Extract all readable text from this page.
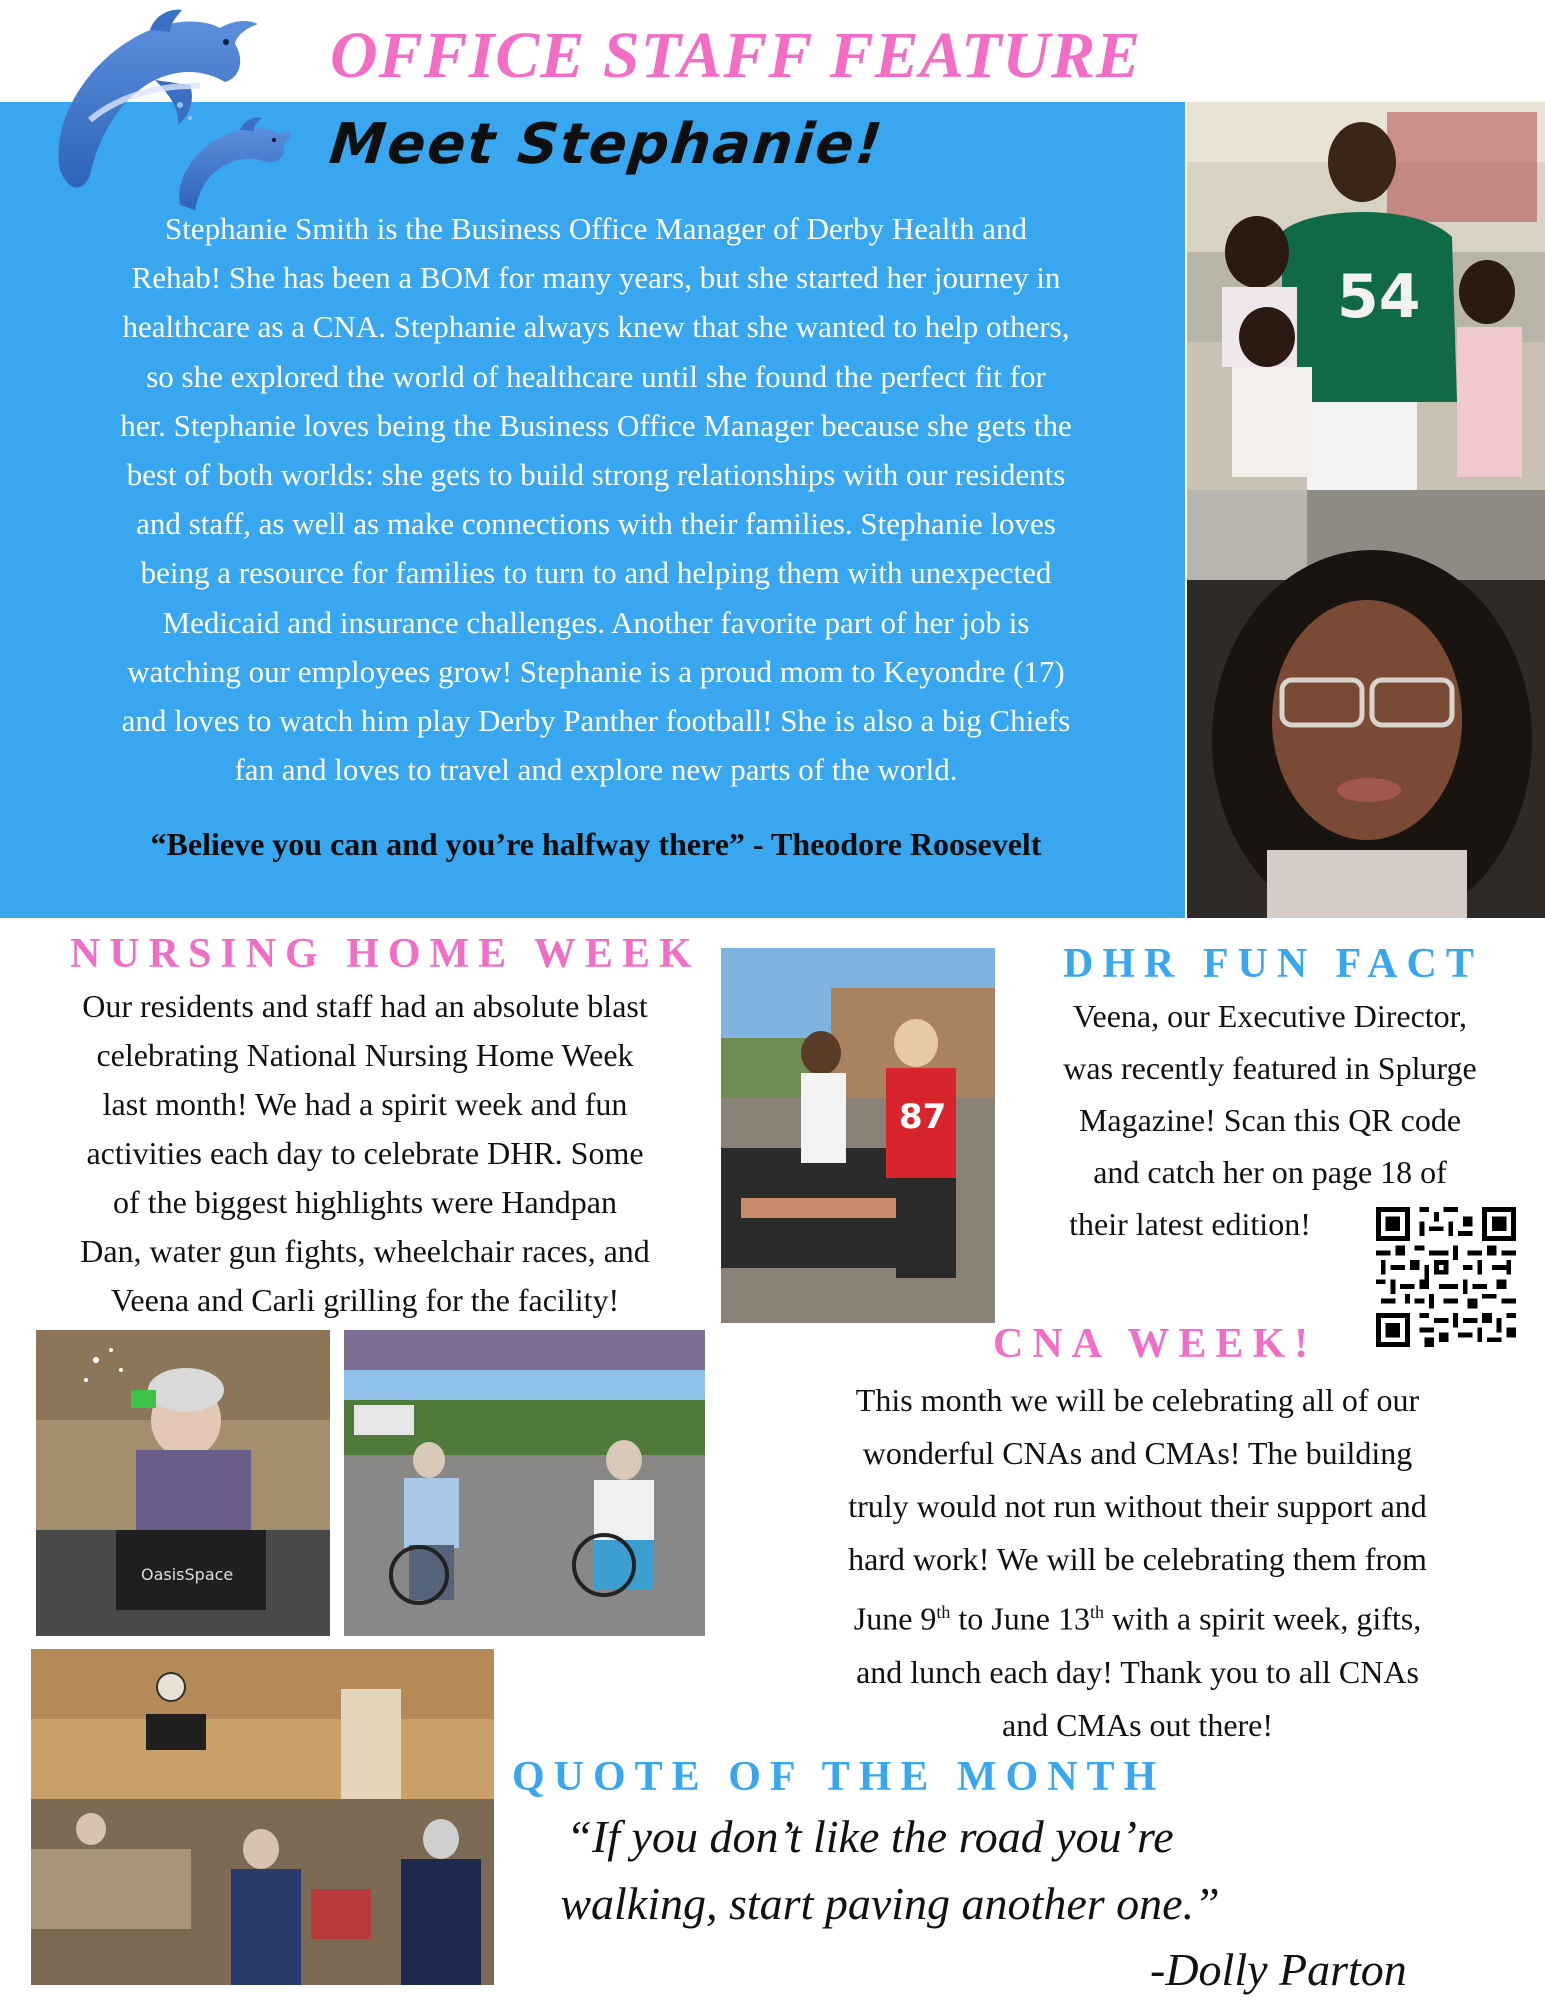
OFFICE STAFF FEATURE
Meet Stephanie!
Stephanie Smith is the Business Office Manager of Derby Health and
Rehab! She has been a BOM for many years, but she started her journey in
healthcare as a CNA. Stephanie always knew that she wanted to help others,
so she explored the world of healthcare until she found the perfect fit for
her. Stephanie loves being the Business Office Manager because she gets the
best of both worlds: she gets to build strong relationships with our residents
and staff, as well as make connections with their families. Stephanie loves
being a resource for families to turn to and helping them with unexpected
Medicaid and insurance challenges. Another favorite part of her job is
watching our employees grow! Stephanie is a proud mom to Keyondre (17)
and loves to watch him play Derby Panther football! She is also a big Chiefs
fan and loves to travel and explore new parts of the world.
“Believe you can and you’re halfway there” - Theodore Roosevelt
54
NURSING HOME WEEK
Our residents and staff had an absolute blast
celebrating National Nursing Home Week
last month! We had a spirit week and fun
activities each day to celebrate DHR. Some
of the biggest highlights were Handpan
Dan, water gun fights, wheelchair races, and
Veena and Carli grilling for the facility!
87
DHR FUN FACT
Veena, our Executive Director,
was recently featured in Splurge
Magazine! Scan this QR code
and catch her on page 18 of
their latest edition!
CNA WEEK!
This month we will be celebrating all of our
wonderful CNAs and CMAs! The building
truly would not run without their support and
hard work! We will be celebrating them from
June 9th to June 13th with a spirit week, gifts,
and lunch each day! Thank you to all CNAs
and CMAs out there!
OasisSpace
QUOTE OF THE MONTH
“If you don’t like the road you’re
walking, start paving another one.”
-Dolly Parton
